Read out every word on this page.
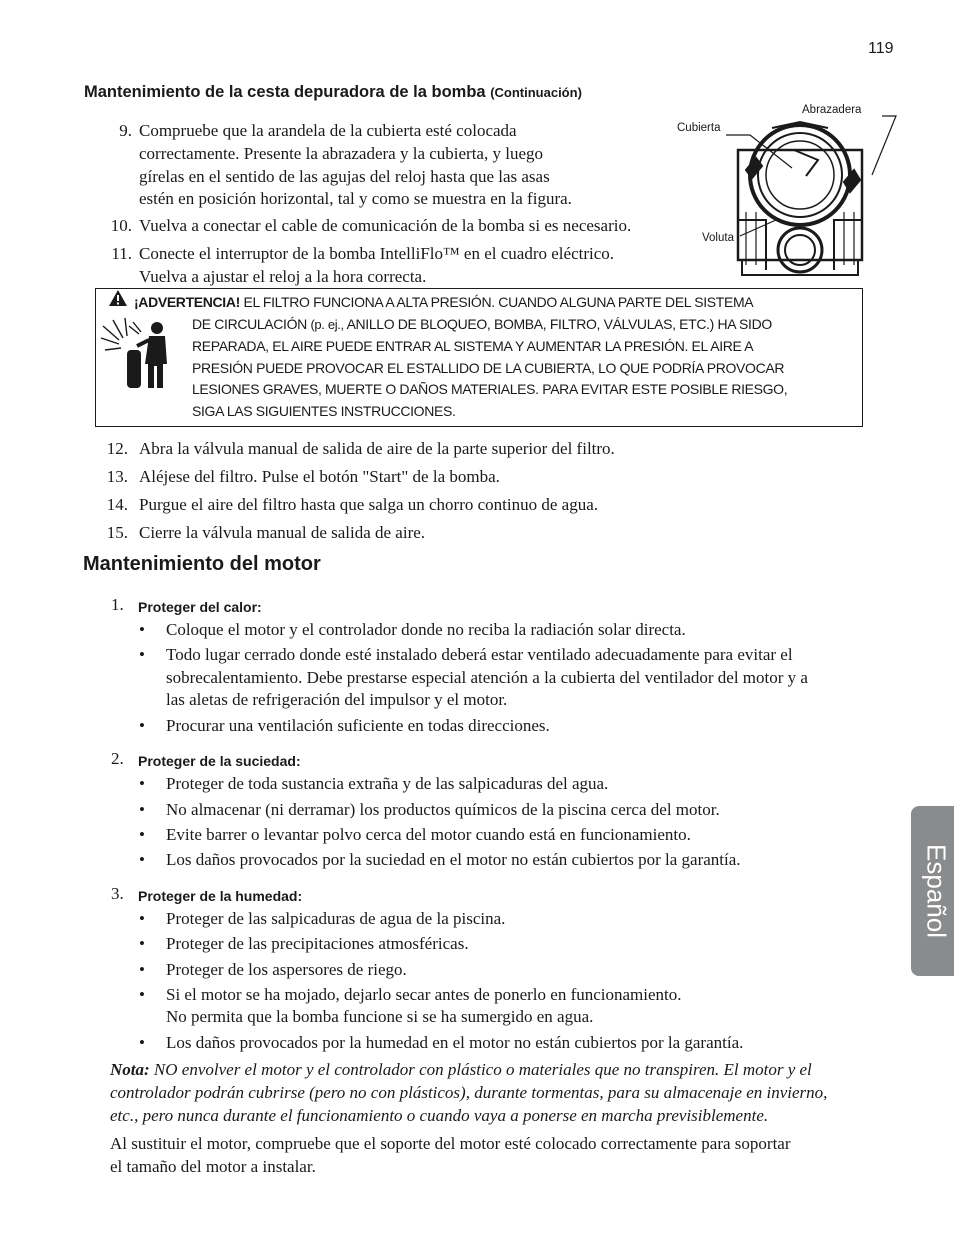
119
Mantenimiento de la cesta depuradora de la bomba (Continuación)
9. Compruebe que la arandela de la cubierta esté colocada
correctamente. Presente la abrazadera y la cubierta, y luego
gírelas en el sentido de las agujas del reloj hasta que las asas
estén en posición horizontal, tal y como se muestra en la figura.
10. Vuelva a conectar el cable de comunicación de la bomba si es necesario.
11. Conecte el interruptor de la bomba IntelliFlo™ en el cuadro eléctrico.
Vuelva a ajustar el reloj a la hora correcta.
Abrazadera
Cubierta
Voluta
¡ADVERTENCIA! EL FILTRO FUNCIONA A ALTA PRESIÓN. CUANDO ALGUNA PARTE DEL SISTEMA
DE CIRCULACIÓN (p. ej., ANILLO DE BLOQUEO, BOMBA, FILTRO, VÁLVULAS, ETC.) HA SIDO
REPARADA, EL AIRE PUEDE ENTRAR AL SISTEMA Y AUMENTAR LA PRESIÓN. EL AIRE A
PRESIÓN PUEDE PROVOCAR EL ESTALLIDO DE LA CUBIERTA, LO QUE PODRÍA PROVOCAR
LESIONES GRAVES, MUERTE O DAÑOS MATERIALES. PARA EVITAR ESTE POSIBLE RIESGO,
SIGA LAS SIGUIENTES INSTRUCCIONES.
12. Abra la válvula manual de salida de aire de la parte superior del filtro.
13. Aléjese del filtro. Pulse el botón "Start" de la bomba.
14. Purgue el aire del filtro hasta que salga un chorro continuo de agua.
15. Cierre la válvula manual de salida de aire.
Mantenimiento del motor
1. Proteger del calor:
• Coloque el motor y el controlador donde no reciba la radiación solar directa.
• Todo lugar cerrado donde esté instalado deberá estar ventilado adecuadamente para evitar el
sobrecalentamiento. Debe prestarse especial atención a la cubierta del ventilador del motor y a
las aletas de refrigeración del impulsor y el motor.
• Procurar una ventilación suficiente en todas direcciones.
2. Proteger de la suciedad:
• Proteger de toda sustancia extraña y de las salpicaduras del agua.
• No almacenar (ni derramar) los productos químicos de la piscina cerca del motor.
• Evite barrer o levantar polvo cerca del motor cuando está en funcionamiento.
• Los daños provocados por la suciedad en el motor no están cubiertos por la garantía.
3. Proteger de la humedad:
• Proteger de las salpicaduras de agua de la piscina.
• Proteger de las precipitaciones atmosféricas.
• Proteger de los aspersores de riego.
• Si el motor se ha mojado, dejarlo secar antes de ponerlo en funcionamiento.
No permita que la bomba funcione si se ha sumergido en agua.
• Los daños provocados por la humedad en el motor no están cubiertos por la garantía.
Nota: NO envolver el motor y el controlador con plástico o materiales que no transpiren. El motor y el
controlador podrán cubrirse (pero no con plásticos), durante tormentas, para su almacenaje en invierno,
etc., pero nunca durante el funcionamiento o cuando vaya a ponerse en marcha previsiblemente.
Al sustituir el motor, compruebe que el soporte del motor esté colocado correctamente para soportar
el tamaño del motor a instalar.
Español
